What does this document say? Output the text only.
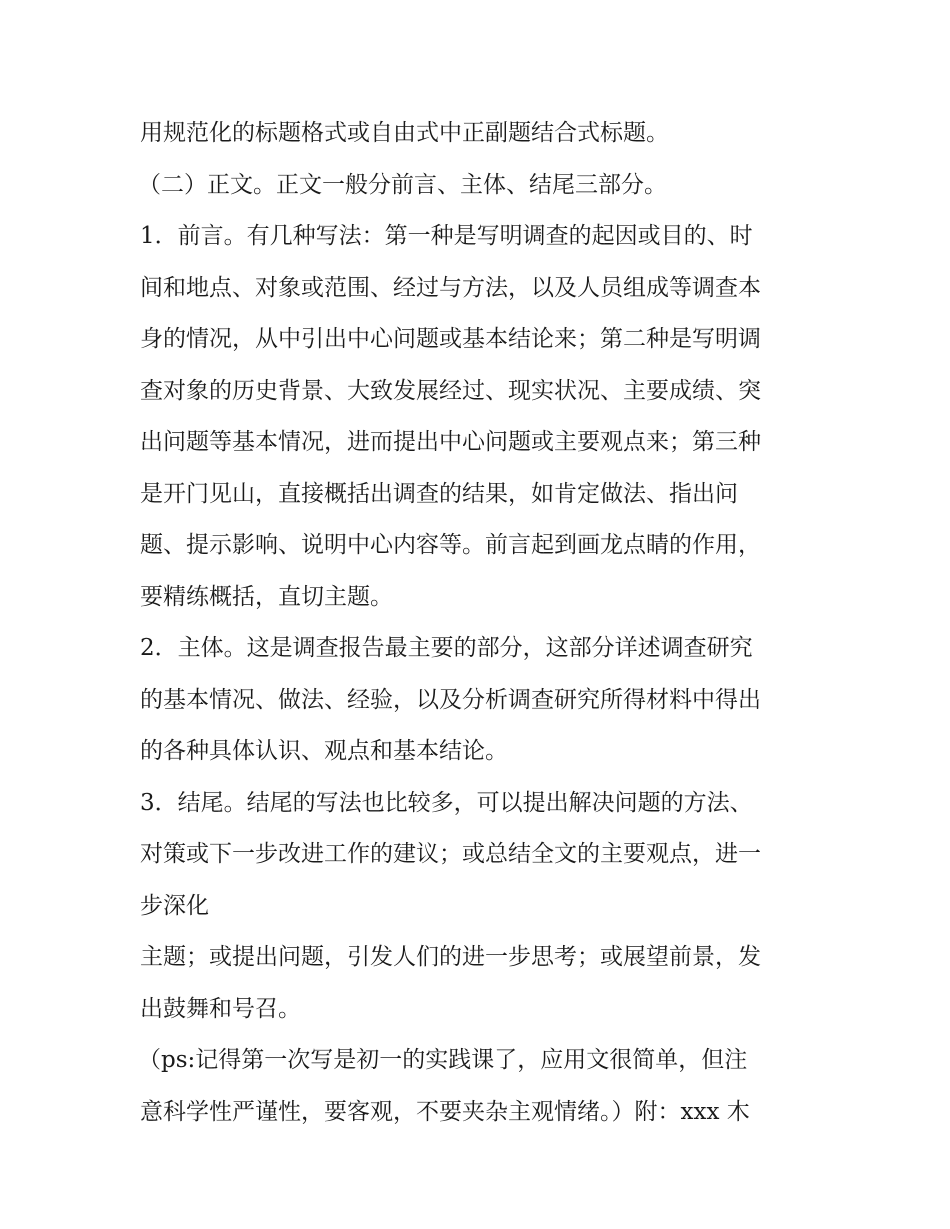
用规范化的标题格式或自由式中正副题结合式标题。
（二）正文。正文一般分前言、主体、结尾三部分。
1．前言。有几种写法：第一种是写明调查的起因或目的、时
间和地点、对象或范围、经过与方法，以及人员组成等调查本
身的情况，从中引出中心问题或基本结论来；第二种是写明调
查对象的历史背景、大致发展经过、现实状况、主要成绩、突
出问题等基本情况，进而提出中心问题或主要观点来；第三种
是开门见山，直接概括出调查的结果，如肯定做法、指出问
题、提示影响、说明中心内容等。前言起到画龙点睛的作用，
要精练概括，直切主题。
2．主体。这是调查报告最主要的部分，这部分详述调查研究
的基本情况、做法、经验，以及分析调查研究所得材料中得出
的各种具体认识、观点和基本结论。
3．结尾。结尾的写法也比较多，可以提出解决问题的方法、
对策或下一步改进工作的建议；或总结全文的主要观点，进一
步深化
主题；或提出问题，引发人们的进一步思考；或展望前景，发
出鼓舞和号召。
（ps:记得第一次写是初一的实践课了，应用文很简单，但注
意科学性严谨性，要客观，不要夹杂主观情绪。）附：xxx 木
